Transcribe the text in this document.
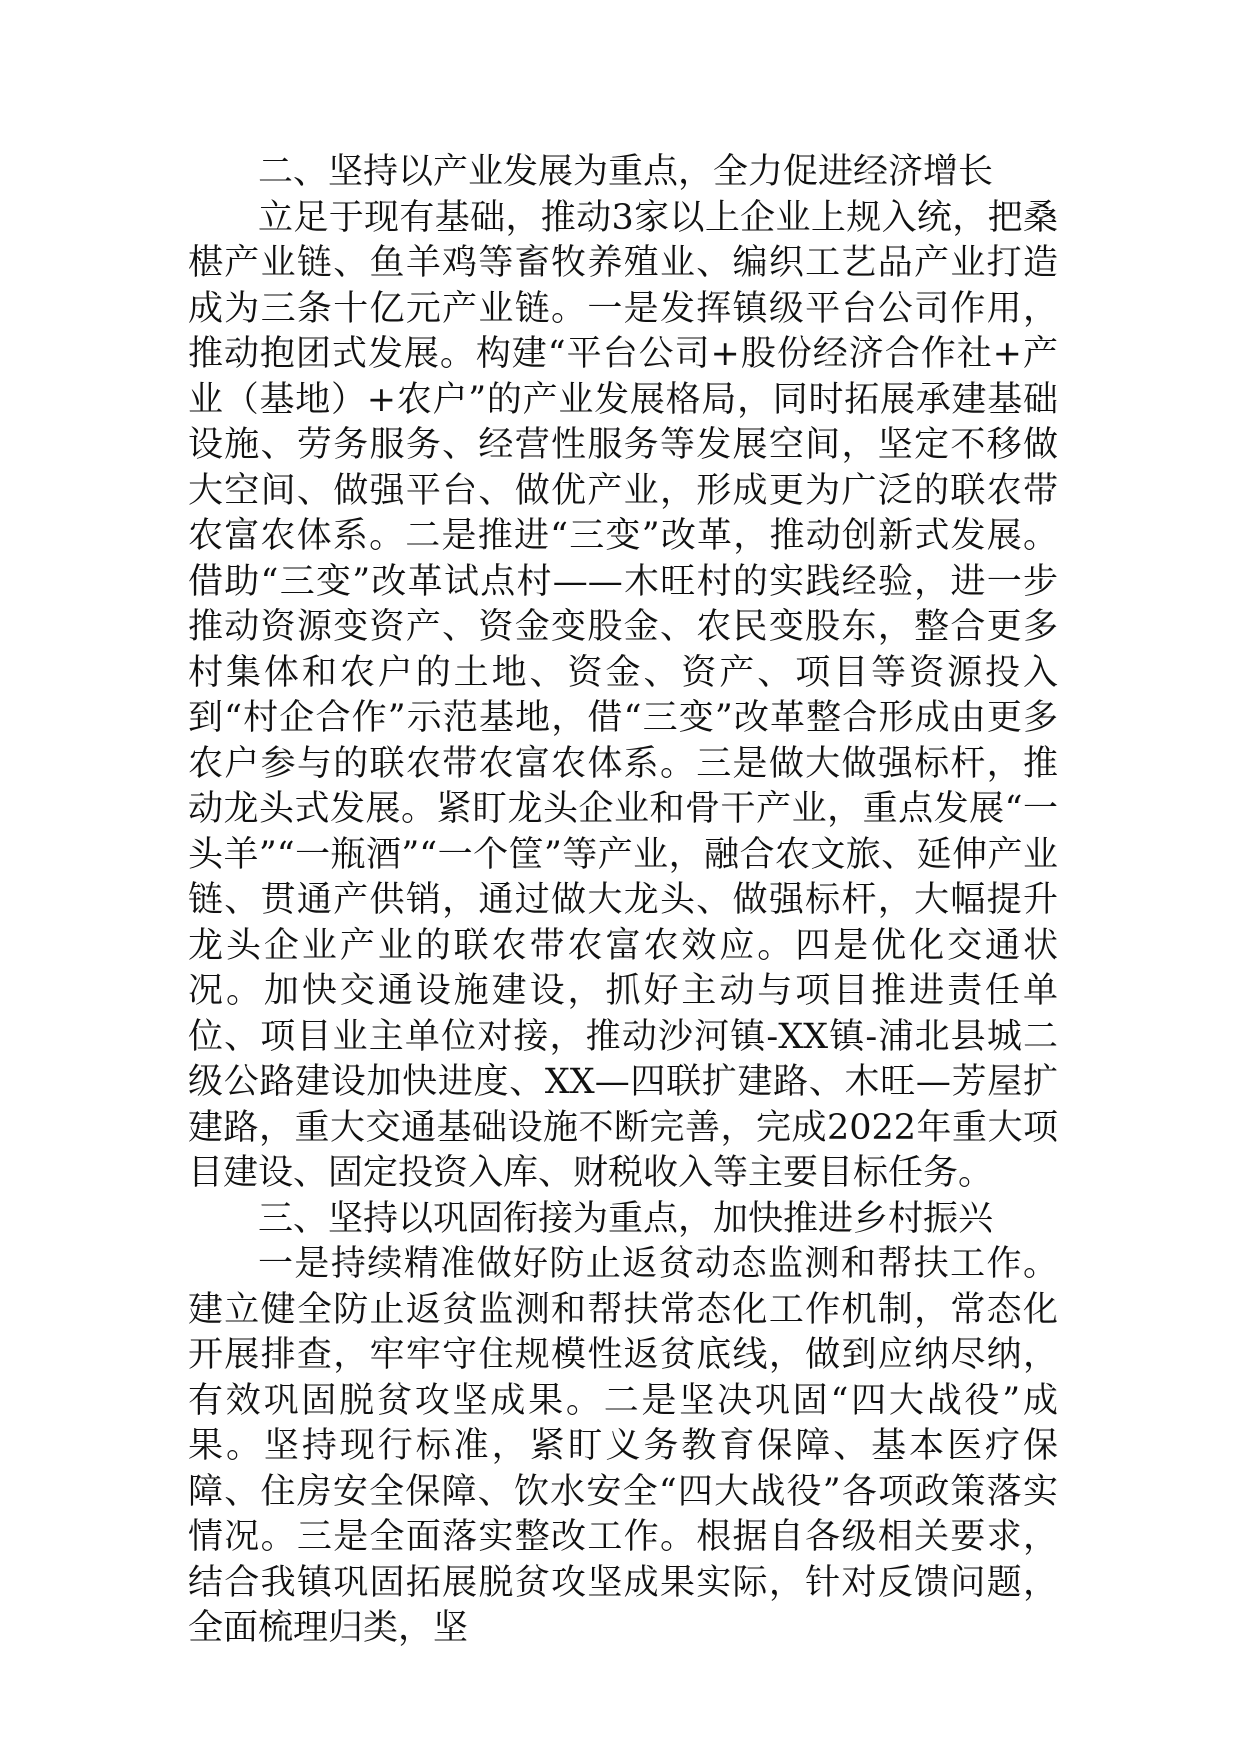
二、坚持以产业发展为重点，全力促进经济增长

立足于现有基础，推动3家以上企业上规入统，把桑椹产业链、鱼羊鸡等畜牧养殖业、编织工艺品产业打造成为三条十亿元产业链。一是发挥镇级平台公司作用，推动抱团式发展。构建“平台公司+股份经济合作社+产业（基地）+农户”的产业发展格局，同时拓展承建基础设施、劳务服务、经营性服务等发展空间，坚定不移做大空间、做强平台、做优产业，形成更为广泛的联农带农富农体系。二是推进“三变”改革，推动创新式发展。借助“三变”改革试点村——木旺村的实践经验，进一步推动资源变资产、资金变股金、农民变股东，整合更多村集体和农户的土地、资金、资产、项目等资源投入到“村企合作”示范基地，借“三变”改革整合形成由更多农户参与的联农带农富农体系。三是做大做强标杆，推动龙头式发展。紧盯龙头企业和骨干产业，重点发展“一头羊”“一瓶酒”“一个筐”等产业，融合农文旅、延伸产业链、贯通产供销，通过做大龙头、做强标杆，大幅提升龙头企业产业的联农带农富农效应。四是优化交通状况。加快交通设施建设，抓好主动与项目推进责任单位、项目业主单位对接，推动沙河镇-XX镇-浦北县城二级公路建设加快进度、XX—四联扩建路、木旺—芳屋扩建路，重大交通基础设施不断完善，完成2022年重大项目建设、固定投资入库、财税收入等主要目标任务。

三、坚持以巩固衔接为重点，加快推进乡村振兴

一是持续精准做好防止返贫动态监测和帮扶工作。建立健全防止返贫监测和帮扶常态化工作机制，常态化开展排查，牢牢守住规模性返贫底线，做到应纳尽纳，有效巩固脱贫攻坚成果。二是坚决巩固“四大战役”成果。坚持现行标准，紧盯义务教育保障、基本医疗保障、住房安全保障、饮水安全“四大战役”各项政策落实情况。三是全面落实整改工作。根据自各级相关要求，结合我镇巩固拓展脱贫攻坚成果实际，针对反馈问题，全面梳理归类，坚
